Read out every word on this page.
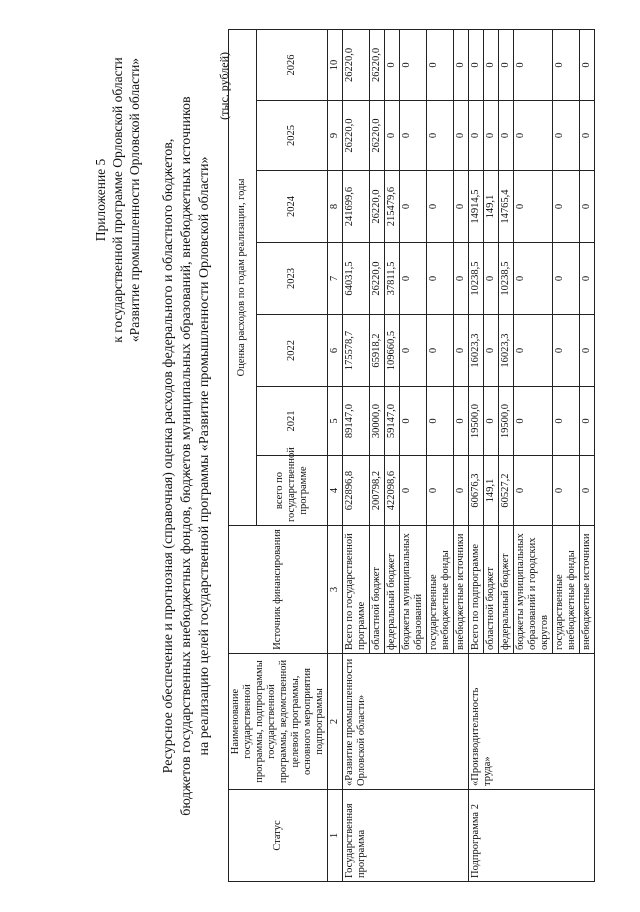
Приложение 5 к государственной программе Орловской области «Развитие промышленности Орловской области» Ресурсное обеспечение и прогнозная (справочная) оценка расходов федерального и областного бюджетов, бюджетов государственных внебюджетных фондов, бюджетов муниципальных образований, внебюджетных источников на реализацию целей государственной программы «Развитие промышленности Орловской области»
(тыс. рублей)
Статус	Наименование государственной программы, подпрограммы государственной программы, ведомственной целевой программы, основного мероприятия подпрограммы	Источник финансирования	Оценка расходов по годам реализации, годы						
			всего по государственной программе	2021	2022	2023	2024	2025	2026
1	2	3	4	5	6	7	8	9	10
Государственная программа	«Развитие промышленности Орловской области»	Всего по государственной программе	622896,8	89147,0	175578,7	64031,5	241699,6	26220,0	26220,0
		областной бюджет	200798,2	30000,0	65918,2	26220,0	26220,0	26220,0	26220,0
		федеральный бюджет	422098,6	59147,0	109660,5	37811,5	215479,6	0	0
		бюджеты муниципальных образований	0	0	0	0	0	0	0
		государственные внебюджетные фонды	0	0	0	0	0	0	0
		внебюджетные источники	0	0	0	0	0	0	0
Подпрограмма 2	«Производительность труда»	Всего по подпрограмме	60676,3	19500,0	16023,3	10238,5	14914,5	0	0
		областной бюджет	149,1	0	0	0	149,1	0	0
		федеральный бюджет	60527,2	19500,0	16023,3	10238,5	14765,4	0	0
		бюджеты муниципальных образований и городских округов	0	0	0	0	0	0	0
		государственные внебюджетные фонды	0	0	0	0	0	0	0
		внебюджетные источники	0	0	0	0	0	0	0
